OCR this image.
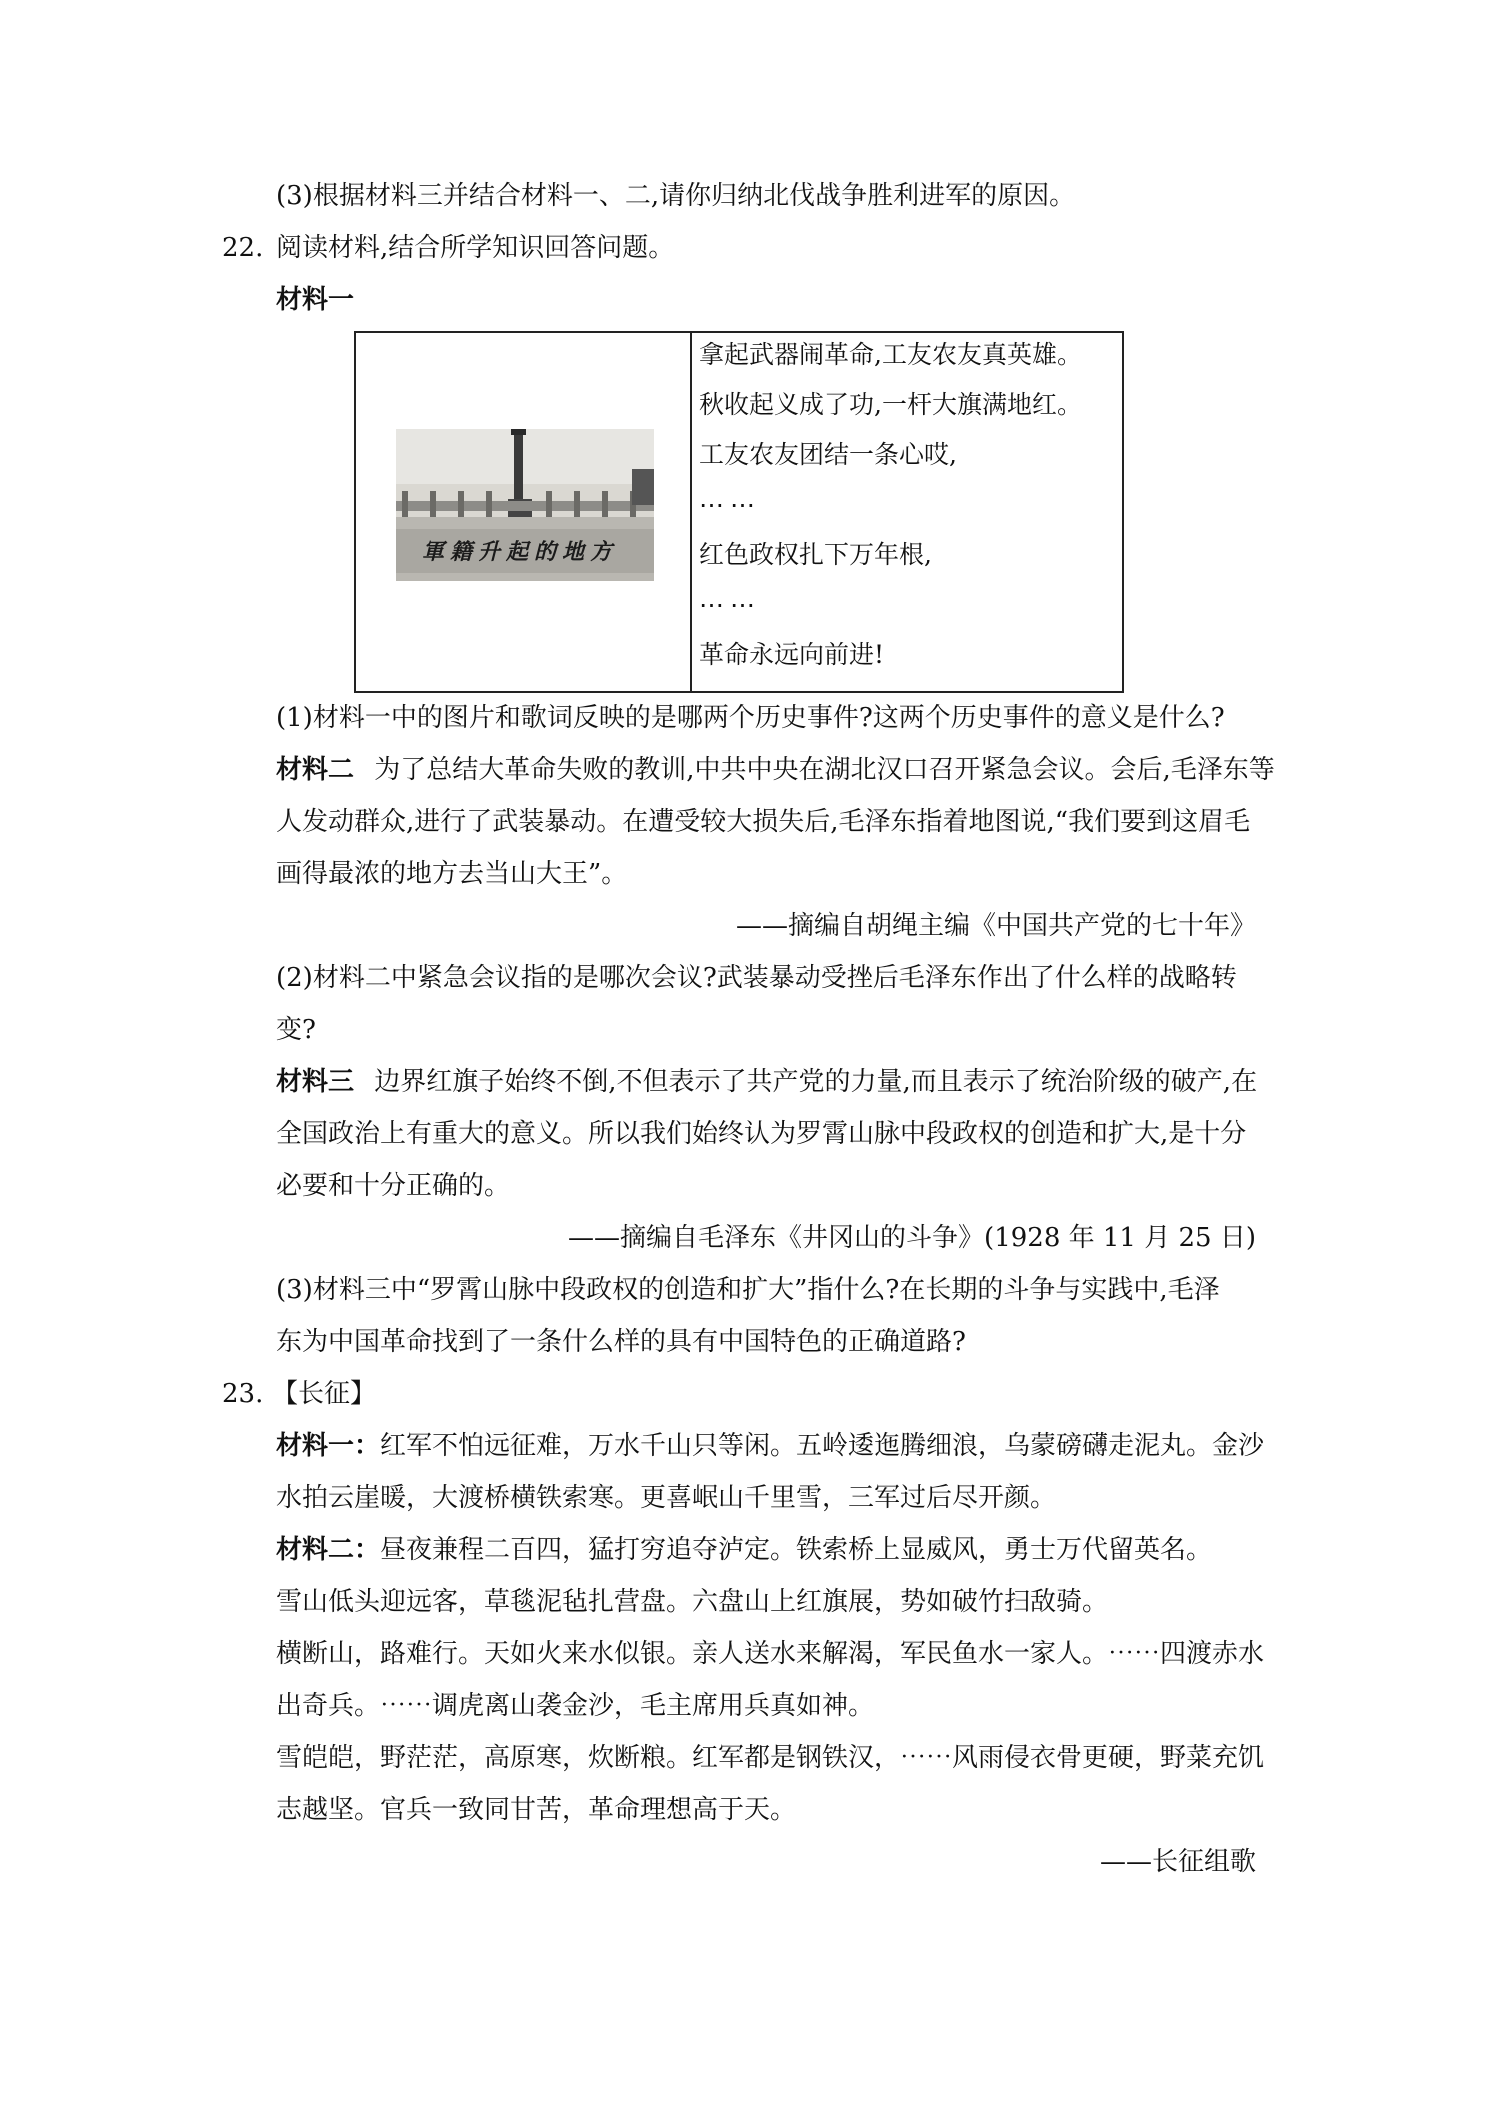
(3)根据材料三并结合材料一、二,请你归纳北伐战争胜利进军的原因。
22. 阅读材料,结合所学知识回答问题。
材料一
軍籍升起的地方
拿起武器闹革命,工友农友真英雄。
秋收起义成了功,一杆大旗满地红。
工友农友团结一条心哎,
⋯⋯
红色政权扎下万年根,
⋯⋯
革命永远向前进!
(1)材料一中的图片和歌词反映的是哪两个历史事件?这两个历史事件的意义是什么?
材料二 为了总结大革命失败的教训,中共中央在湖北汉口召开紧急会议。会后,毛泽东等
人发动群众,进行了武装暴动。在遭受较大损失后,毛泽东指着地图说,“我们要到这眉毛
画得最浓的地方去当山大王”。
——摘编自胡绳主编《中国共产党的七十年》
(2)材料二中紧急会议指的是哪次会议?武装暴动受挫后毛泽东作出了什么样的战略转
变?
材料三 边界红旗子始终不倒,不但表示了共产党的力量,而且表示了统治阶级的破产,在
全国政治上有重大的意义。所以我们始终认为罗霄山脉中段政权的创造和扩大,是十分
必要和十分正确的。
——摘编自毛泽东《井冈山的斗争》(1928 年 11 月 25 日)
(3)材料三中“罗霄山脉中段政权的创造和扩大”指什么?在长期的斗争与实践中,毛泽
东为中国革命找到了一条什么样的具有中国特色的正确道路?
23. 【长征】
材料一：红军不怕远征难，万水千山只等闲。五岭逶迤腾细浪，乌蒙磅礴走泥丸。金沙
水拍云崖暖，大渡桥横铁索寒。更喜岷山千里雪，三军过后尽开颜。
材料二：昼夜兼程二百四，猛打穷追夺泸定。铁索桥上显威风，勇士万代留英名。
雪山低头迎远客，草毯泥毡扎营盘。六盘山上红旗展，势如破竹扫敌骑。
横断山，路难行。天如火来水似银。亲人送水来解渴，军民鱼水一家人。⋯⋯四渡赤水
出奇兵。⋯⋯调虎离山袭金沙，毛主席用兵真如神。
雪皑皑，野茫茫，高原寒，炊断粮。红军都是钢铁汉，⋯⋯风雨侵衣骨更硬，野菜充饥
志越坚。官兵一致同甘苦，革命理想高于天。
——长征组歌
